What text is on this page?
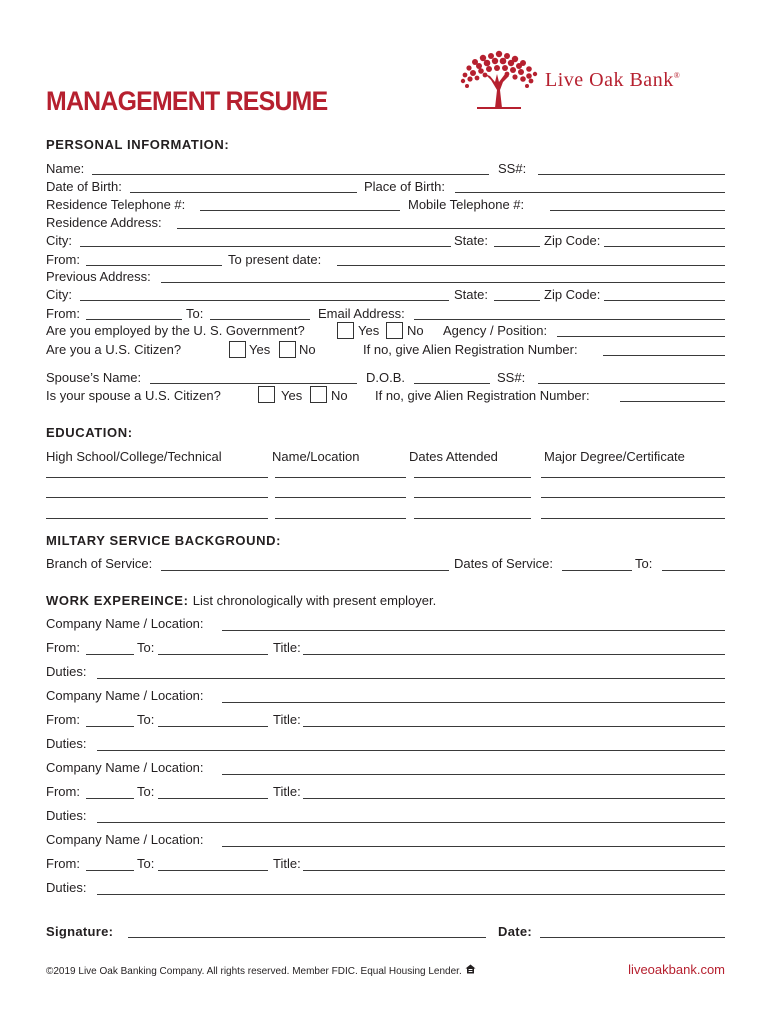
Live Oak Bank®
MANAGEMENT RESUME
PERSONAL INFORMATION:
Name:	SS#:
Date of Birth:	Place of Birth:
Residence Telephone #:	Mobile Telephone #:
Residence Address:
City:	State:	Zip Code:
From:	To present date:
Previous Address:
City:	State:	Zip Code:
From:	To:	Email Address:
Are you employed by the U. S. Government?	Yes No Agency / Position:
Are you a U.S. Citizen?	Yes No	If no, give Alien Registration Number:
Spouse’s Name:	D.O.B.	SS#:
Is your spouse a U.S. Citizen?	Yes No If no, give Alien Registration Number:
EDUCATION:
High School/College/Technical	Name/Location	Dates Attended	Major Degree/Certificate
MILTARY SERVICE BACKGROUND:
Branch of Service:	Dates of Service:	To:
WORK EXPEREINCE: List chronologically with present employer.
Company Name / Location:
From:	To:	Title:
Duties:
Company Name / Location:
From:	To:	Title:
Duties:
Company Name / Location:
From:	To:	Title:
Duties:
Company Name / Location:
From:	To:	Title:
Duties:
Signature:	Date:
©2019 Live Oak Banking Company. All rights reserved. Member FDIC. Equal Housing Lender.	liveoakbank.com
